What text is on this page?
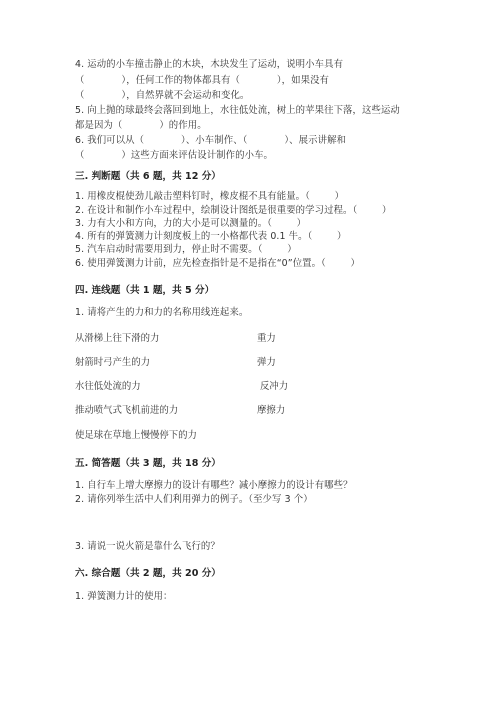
4. 运动的小车撞击静止的木块，木块发生了运动，说明小车具有
（            ），任何工作的物体都具有（            ），如果没有
（            ），自然界就不会运动和变化。
5. 向上抛的球最终会落回到地上，水往低处流，树上的苹果往下落，这些运动
都是因为（            ）的作用。
6. 我们可以从（            ）、小车制作、（            ）、展示讲解和
（            ）这些方面来评估设计制作的小车。
三. 判断题（共 6 题，共 12 分）
1. 用橡皮棍使劲儿敲击塑料钉时，橡皮棍不具有能量。（        ）
2. 在设计和制作小车过程中，绘制设计图纸是很重要的学习过程。（        ）
3. 力有大小和方向，力的大小是可以测量的。（        ）
4. 所有的弹簧测力计刻度板上的一小格都代表 0.1 牛。（        ）
5. 汽车启动时需要用到力，停止时不需要。（        ）
6. 使用弹簧测力计前，应先检查指针是不是指在“0”位置。（        ）
四. 连线题（共 1 题，共 5 分）
1. 请将产生的力和力的名称用线连起来。
从滑梯上往下滑的力	重力
射箭时弓产生的力	弹力
水往低处流的力	反冲力
推动喷气式飞机前进的力	摩擦力
使足球在草地上慢慢停下的力
五. 简答题（共 3 题，共 18 分）
1. 自行车上增大摩擦力的设计有哪些？减小摩擦力的设计有哪些？
2. 请你列举生活中人们利用弹力的例子。（至少写 3 个）
3. 请说一说火箭是靠什么飞行的？
六. 综合题（共 2 题，共 20 分）
1. 弹簧测力计的使用：
